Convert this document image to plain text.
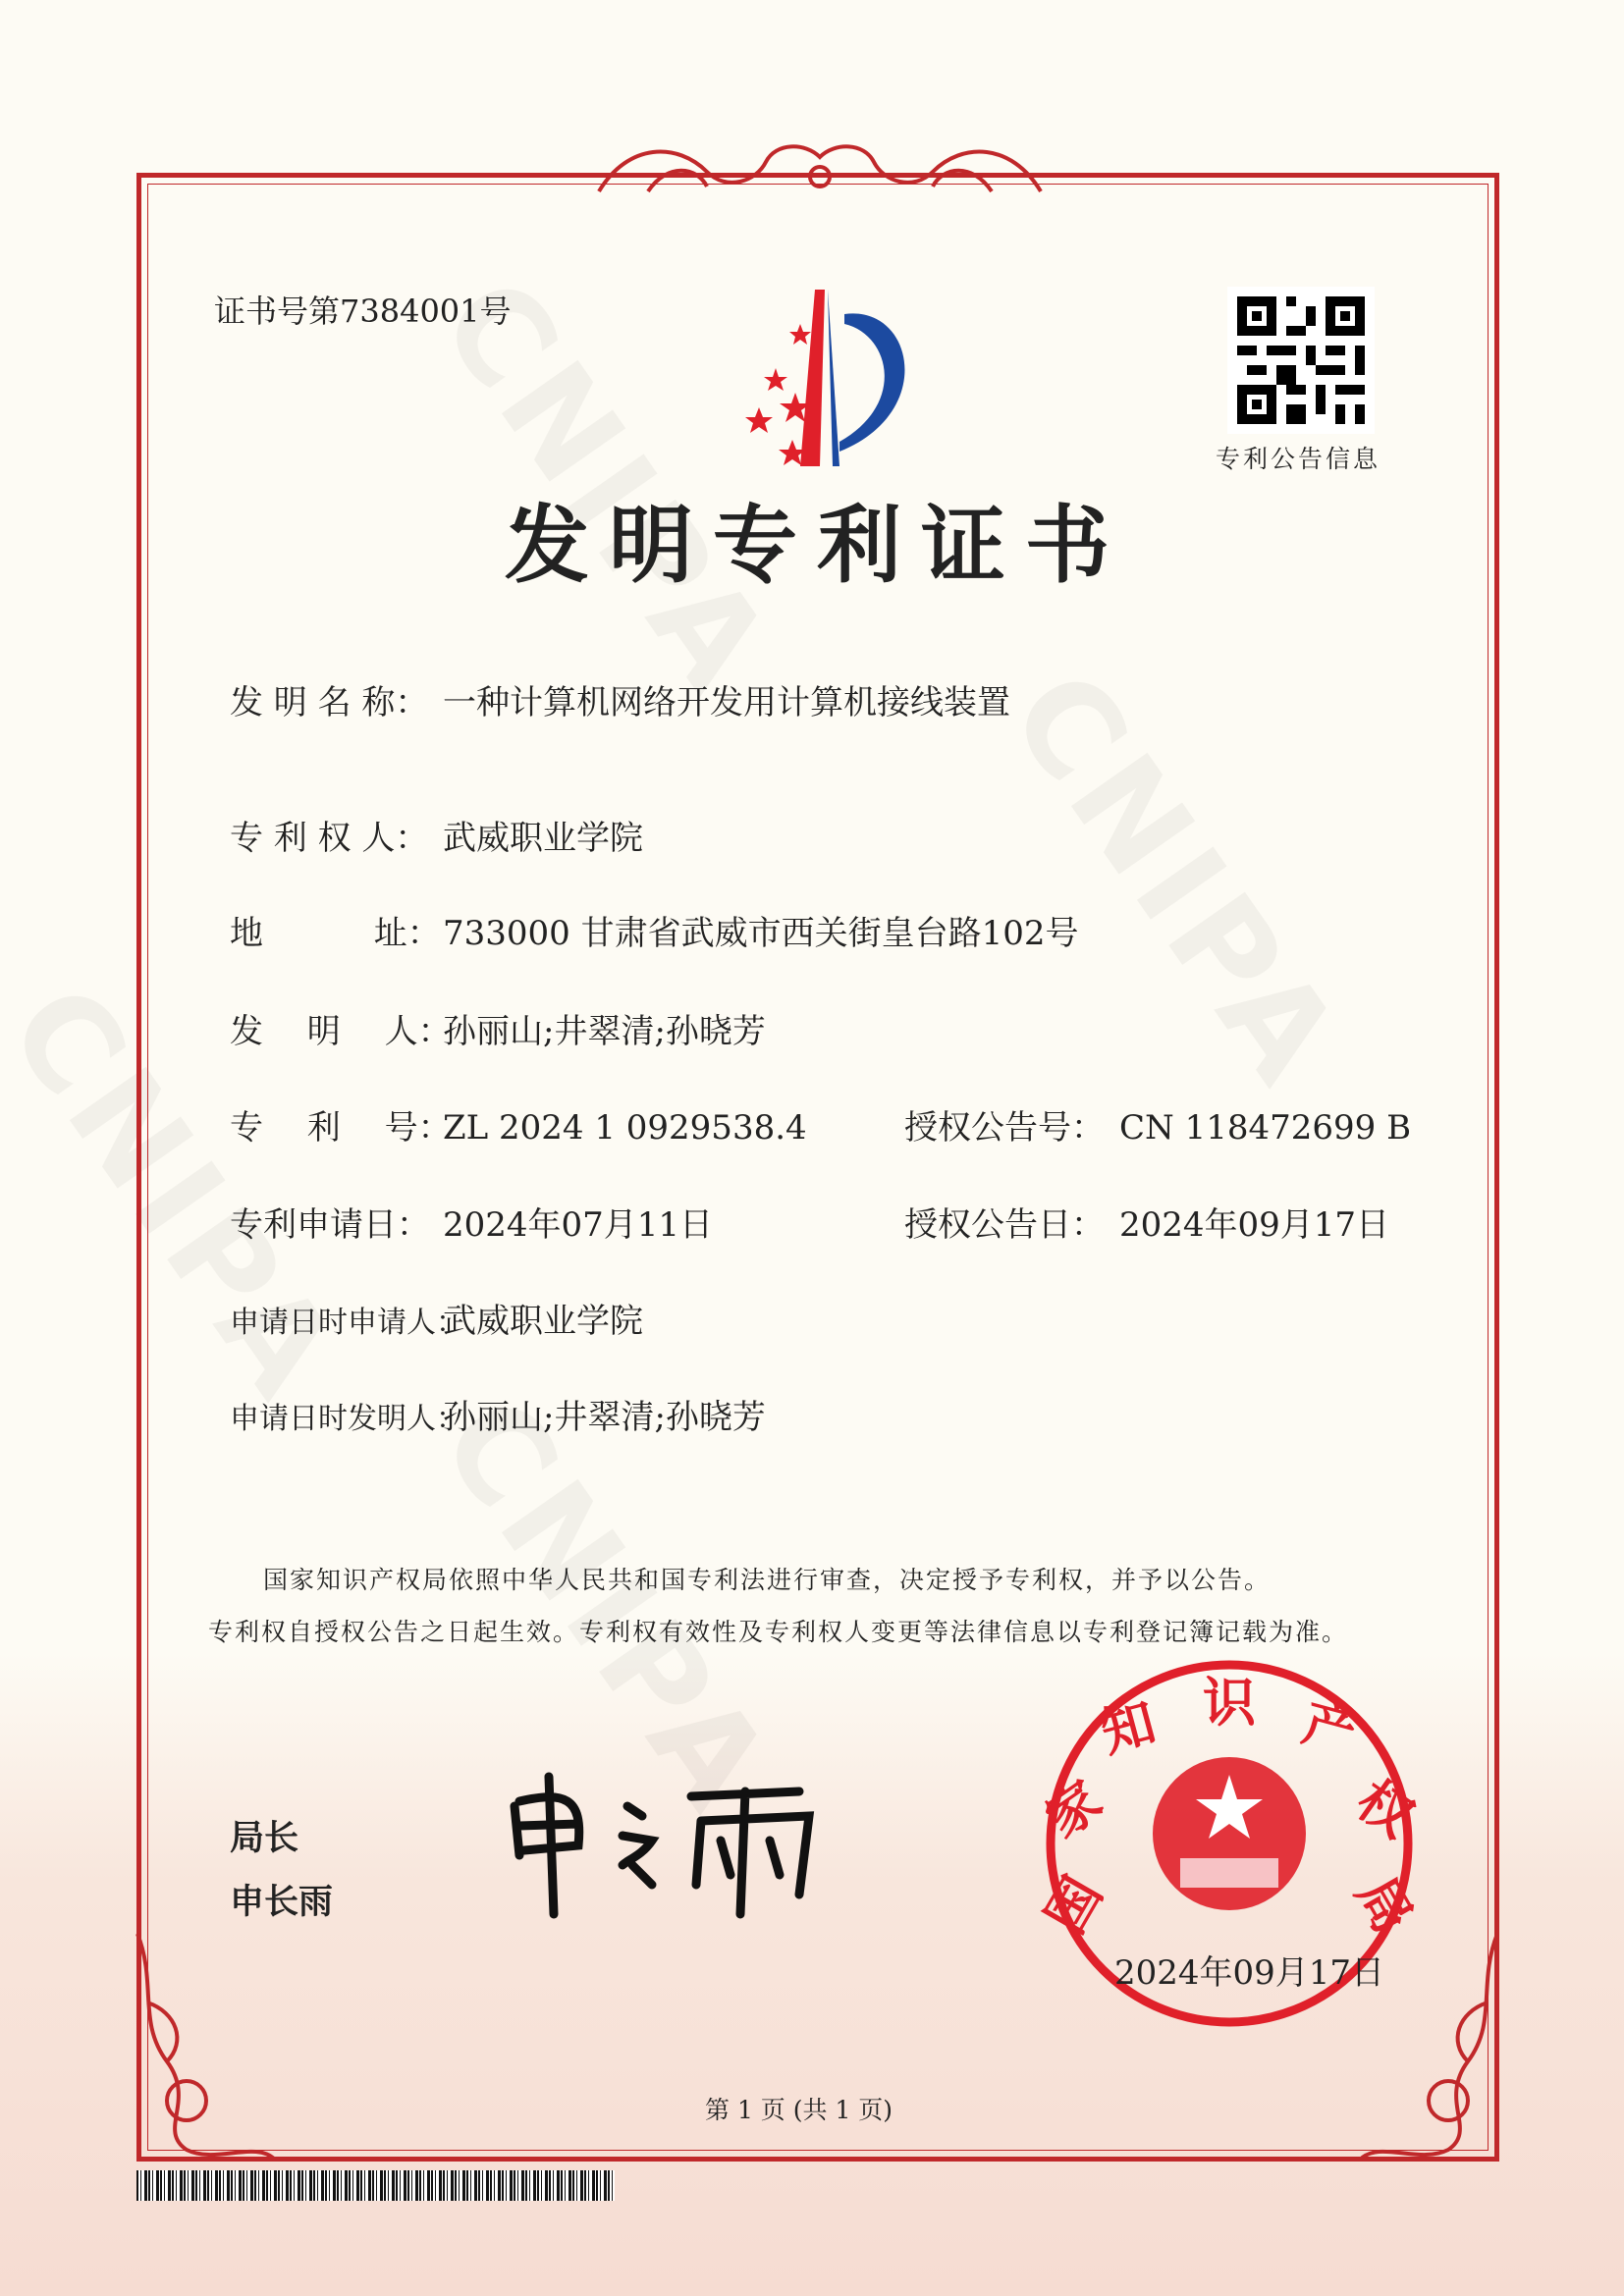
证书号第7384001号
专利公告信息
发明专利证书
发 明 名 称： 一种计算机网络开发用计算机接线装置
专 利 权 人： 武威职业学院
地　　　 址：733000 甘肃省武威市西关街皇台路102号
发　 明　 人：孙丽山;井翠清;孙晓芳
专　 利　 号：ZL 2024 1 0929538.4	授权公告号： CN 118472699 B
专利申请日： 2024年07月11日	授权公告日： 2024年09月17日
申请日时申请人：武威职业学院
申请日时发明人：孙丽山;井翠清;孙晓芳
国家知识产权局依照中华人民共和国专利法进行审查，决定授予专利权，并予以公告。
专利权自授权公告之日起生效。专利权有效性及专利权人变更等法律信息以专利登记簿记载为准。
局长
申长雨	国
家
知 识 产
权
局
2024年09月17日
第 1 页 (共 1 页)
